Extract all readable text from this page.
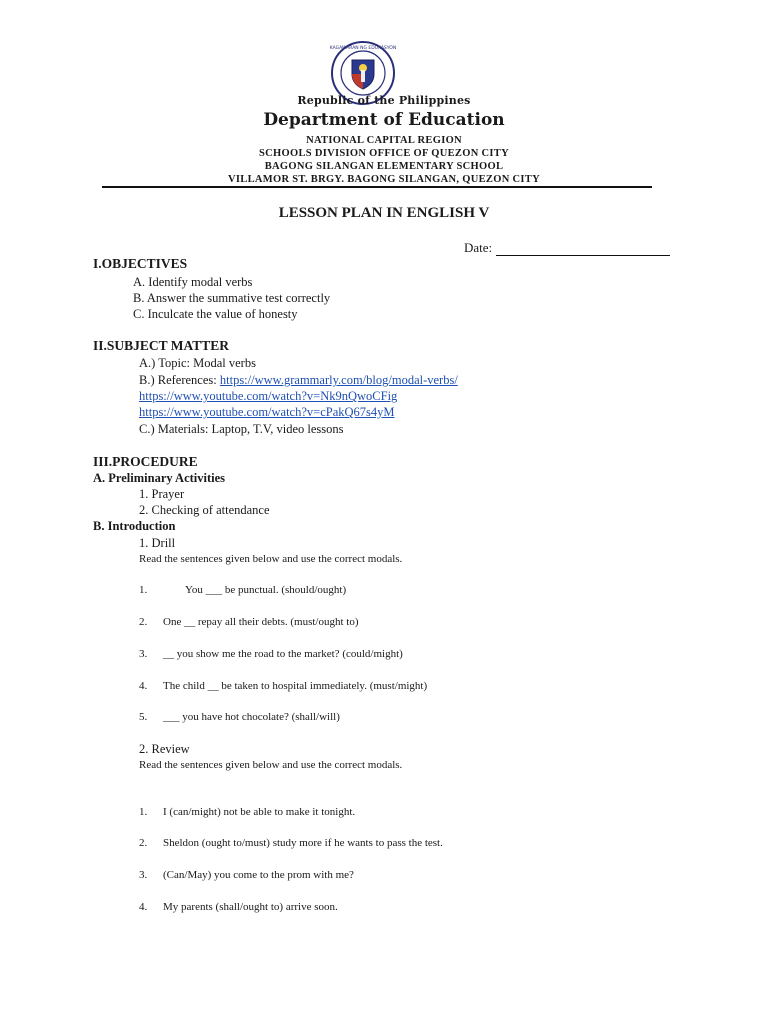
KAGAWARAN NG EDUKASYON
Republic of the Philippines
Department of Education
NATIONAL CAPITAL REGION
SCHOOLS DIVISION OFFICE OF QUEZON CITY
BAGONG SILANGAN ELEMENTARY SCHOOL
VILLAMOR ST. BRGY. BAGONG SILANGAN, QUEZON CITY
LESSON PLAN IN ENGLISH V
Date:
I.OBJECTIVES
A. Identify modal verbs
B. Answer the summative test correctly
C. Inculcate the value of honesty
II.SUBJECT MATTER
A.) Topic: Modal verbs
B.) References: https://www.grammarly.com/blog/modal-verbs/
https://www.youtube.com/watch?v=Nk9nQwoCFig
https://www.youtube.com/watch?v=cPakQ67s4yM
C.) Materials: Laptop, T.V, video lessons
III.PROCEDURE
A. Preliminary Activities
1. Prayer
2. Checking of attendance
B. Introduction
1. Drill
Read the sentences given below and use the correct modals.
1.	You ___ be punctual. (should/ought)
2. One __ repay all their debts. (must/ought to)
3. __ you show me the road to the market? (could/might)
4. The child __ be taken to hospital immediately. (must/might)
5. ___ you have hot chocolate? (shall/will)
2. Review
Read the sentences given below and use the correct modals.
1. I (can/might) not be able to make it tonight.
2. Sheldon (ought to/must) study more if he wants to pass the test.
3. (Can/May) you come to the prom with me?
4. My parents (shall/ought to) arrive soon.
